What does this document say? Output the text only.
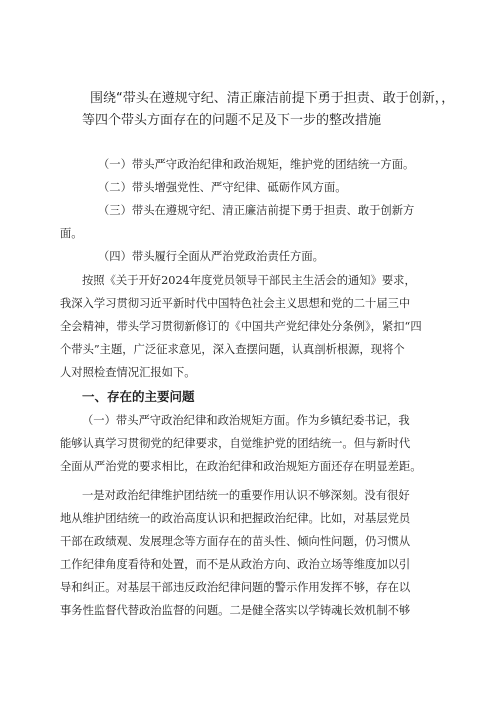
围绕“带头在遵规守纪、清正廉洁前提下勇于担责、敢于创新，，
等四个带头方面存在的问题不足及下一步的整改措施
（一）带头严守政治纪律和政治规矩，维护党的团结统一方面。
（二）带头增强党性、严守纪律、砥砺作风方面。
（三）带头在遵规守纪、清正廉洁前提下勇于担责、敢于创新方
面。
（四）带头履行全面从严治党政治责任方面。
按照《关于开好2024年度党员领导干部民主生活会的通知》要求，
我深入学习贯彻习近平新时代中国特色社会主义思想和党的二十届三中
全会精神，带头学习贯彻新修订的《中国共产党纪律处分条例》，紧扣“四
个带头”主题，广泛征求意见，深入查摆问题，认真剖析根源，现将个
人对照检查情况汇报如下。
一、存在的主要问题
（一）带头严守政治纪律和政治规矩方面。作为乡镇纪委书记，我
能够认真学习贯彻党的纪律要求，自觉维护党的团结统一。但与新时代
全面从严治党的要求相比，在政治纪律和政治规矩方面还存在明显差距。
一是对政治纪律维护团结统一的重要作用认识不够深刻。没有很好
地从维护团结统一的政治高度认识和把握政治纪律。比如，对基层党员
干部在政绩观、发展理念等方面存在的苗头性、倾向性问题，仍习惯从
工作纪律角度看待和处置，而不是从政治方向、政治立场等维度加以引
导和纠正。对基层干部违反政治纪律问题的警示作用发挥不够，存在以
事务性监督代替政治监督的问题。二是健全落实以学铸魂长效机制不够
